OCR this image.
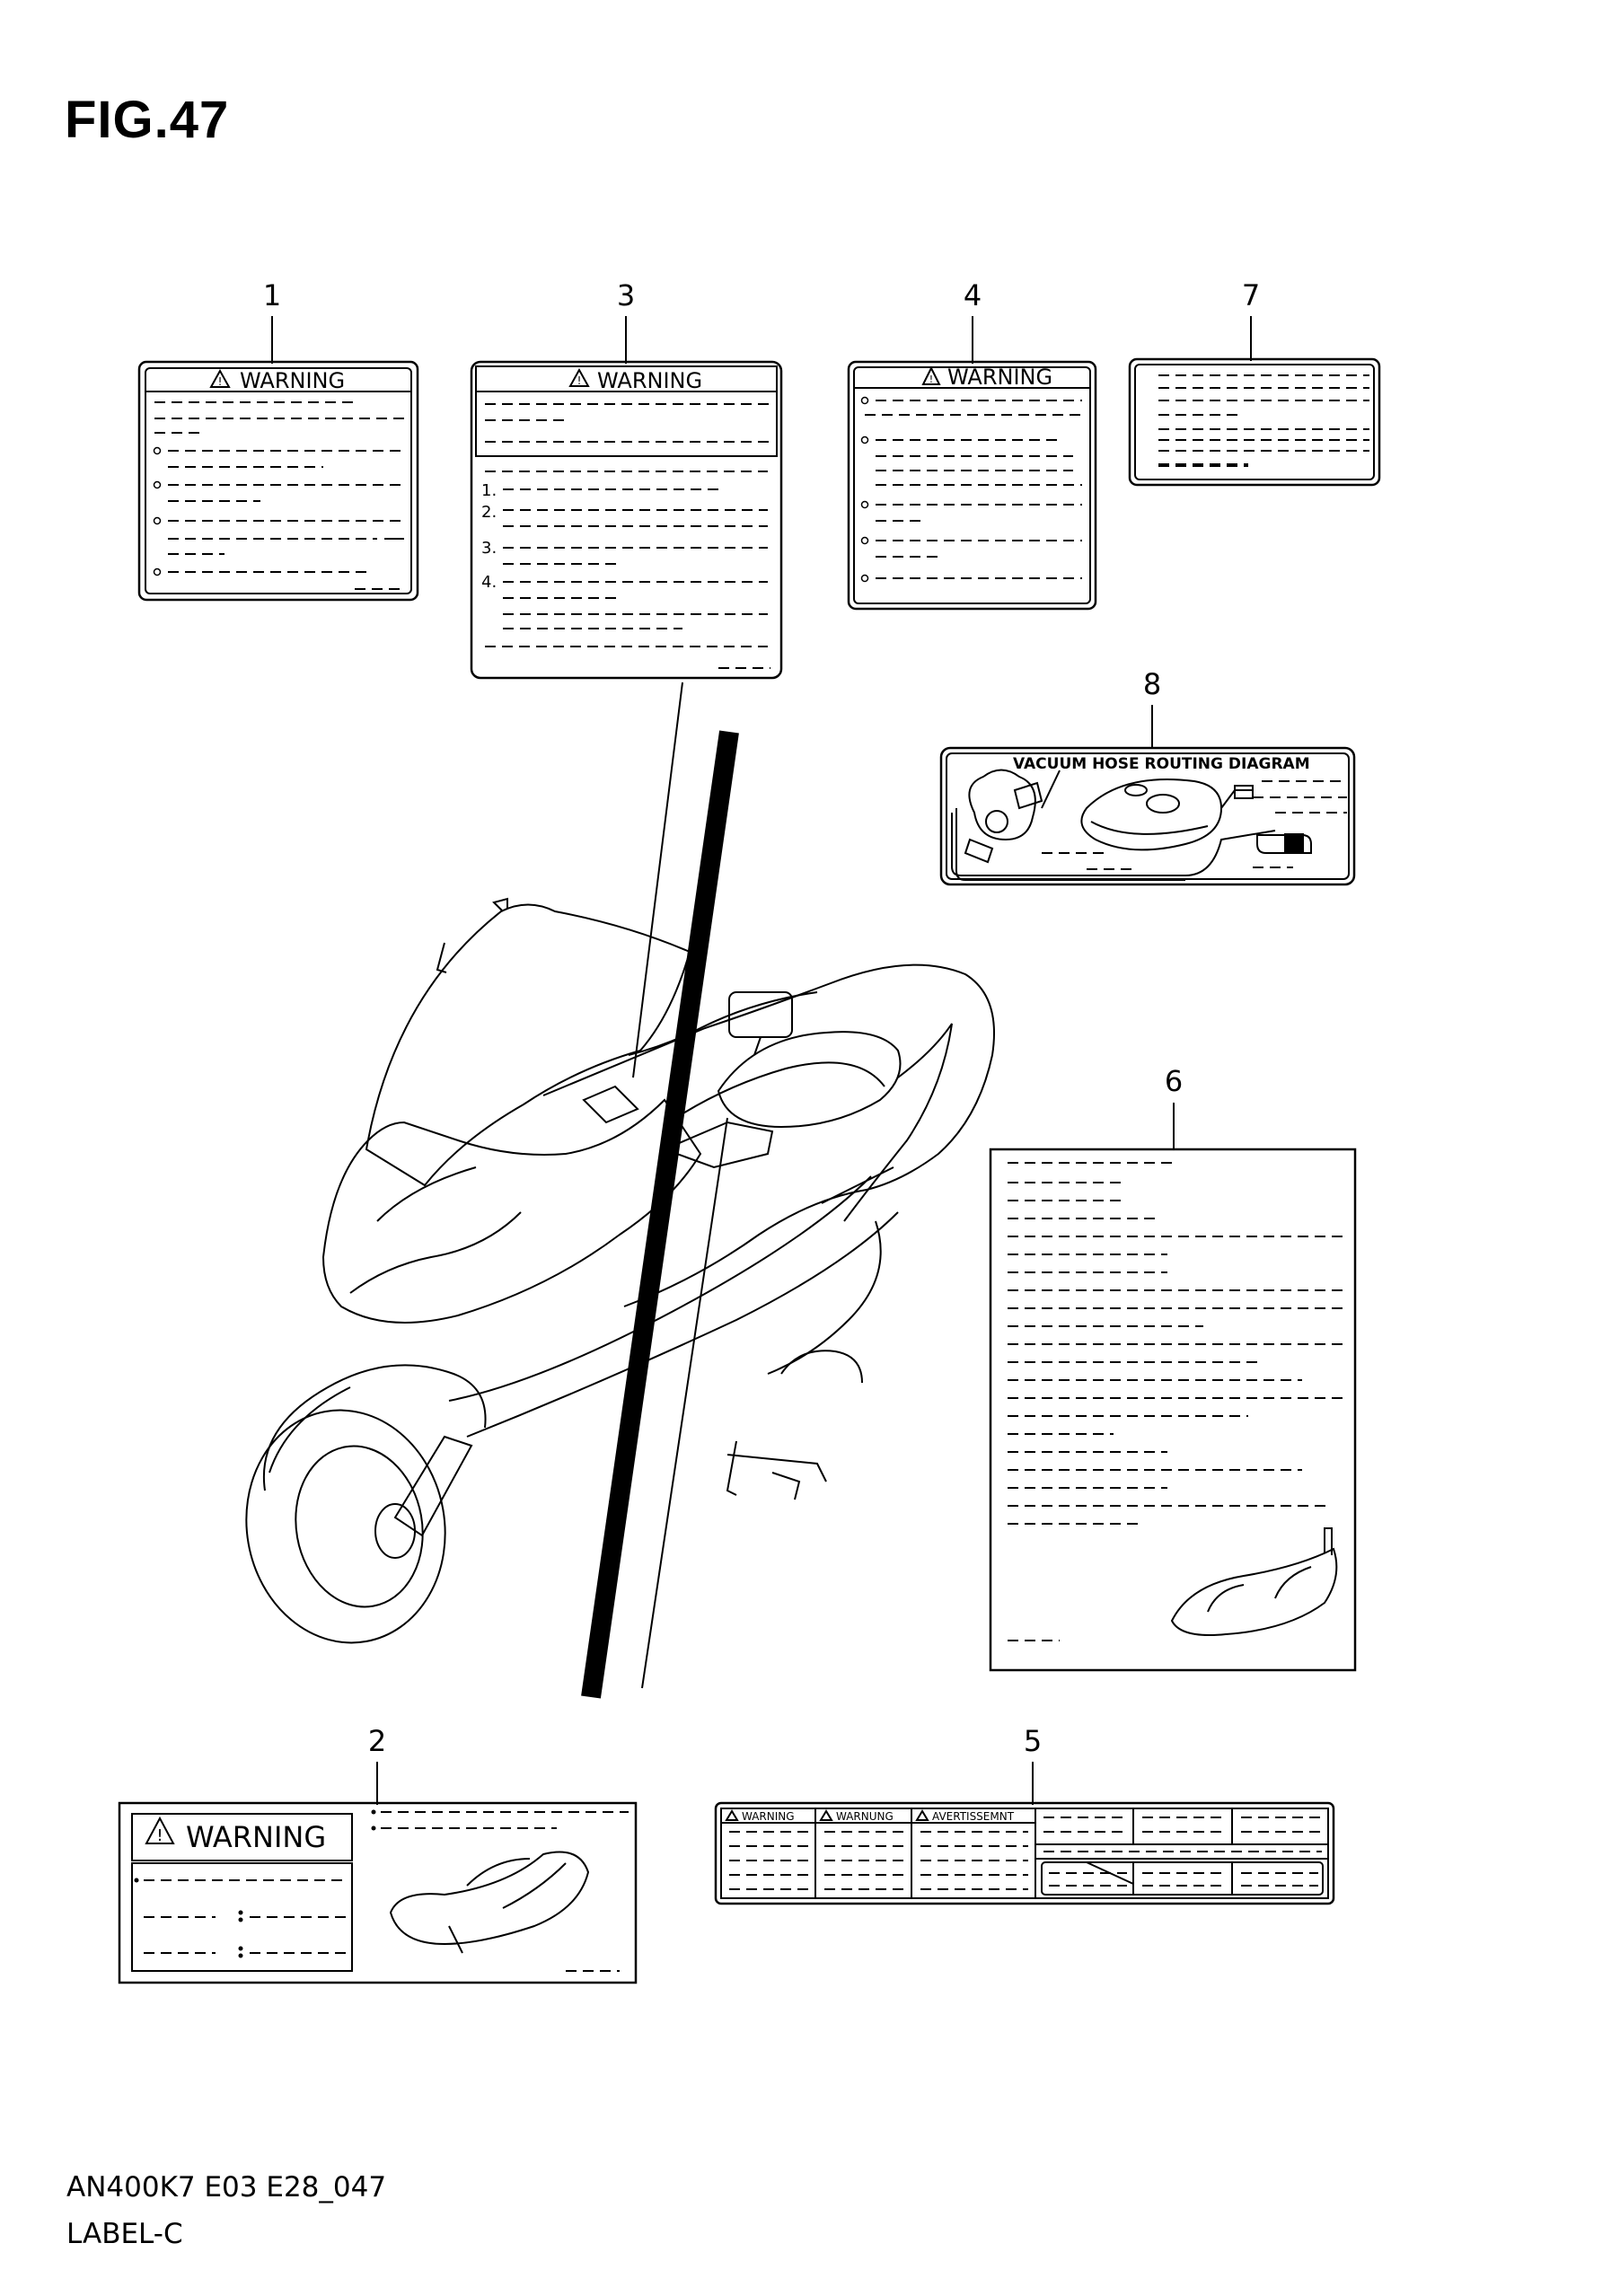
FIG.47
1
! WARNING
3
! WARNING
1.
2.
3.
4.
4
! WARNING
7
8
VACUUM HOSE ROUTING DIAGRAM
6
2
! WARNING
5
WARNING	WARNUNG	AVERTISSEMNT
AN400K7 E03 E28_047
LABEL-C
